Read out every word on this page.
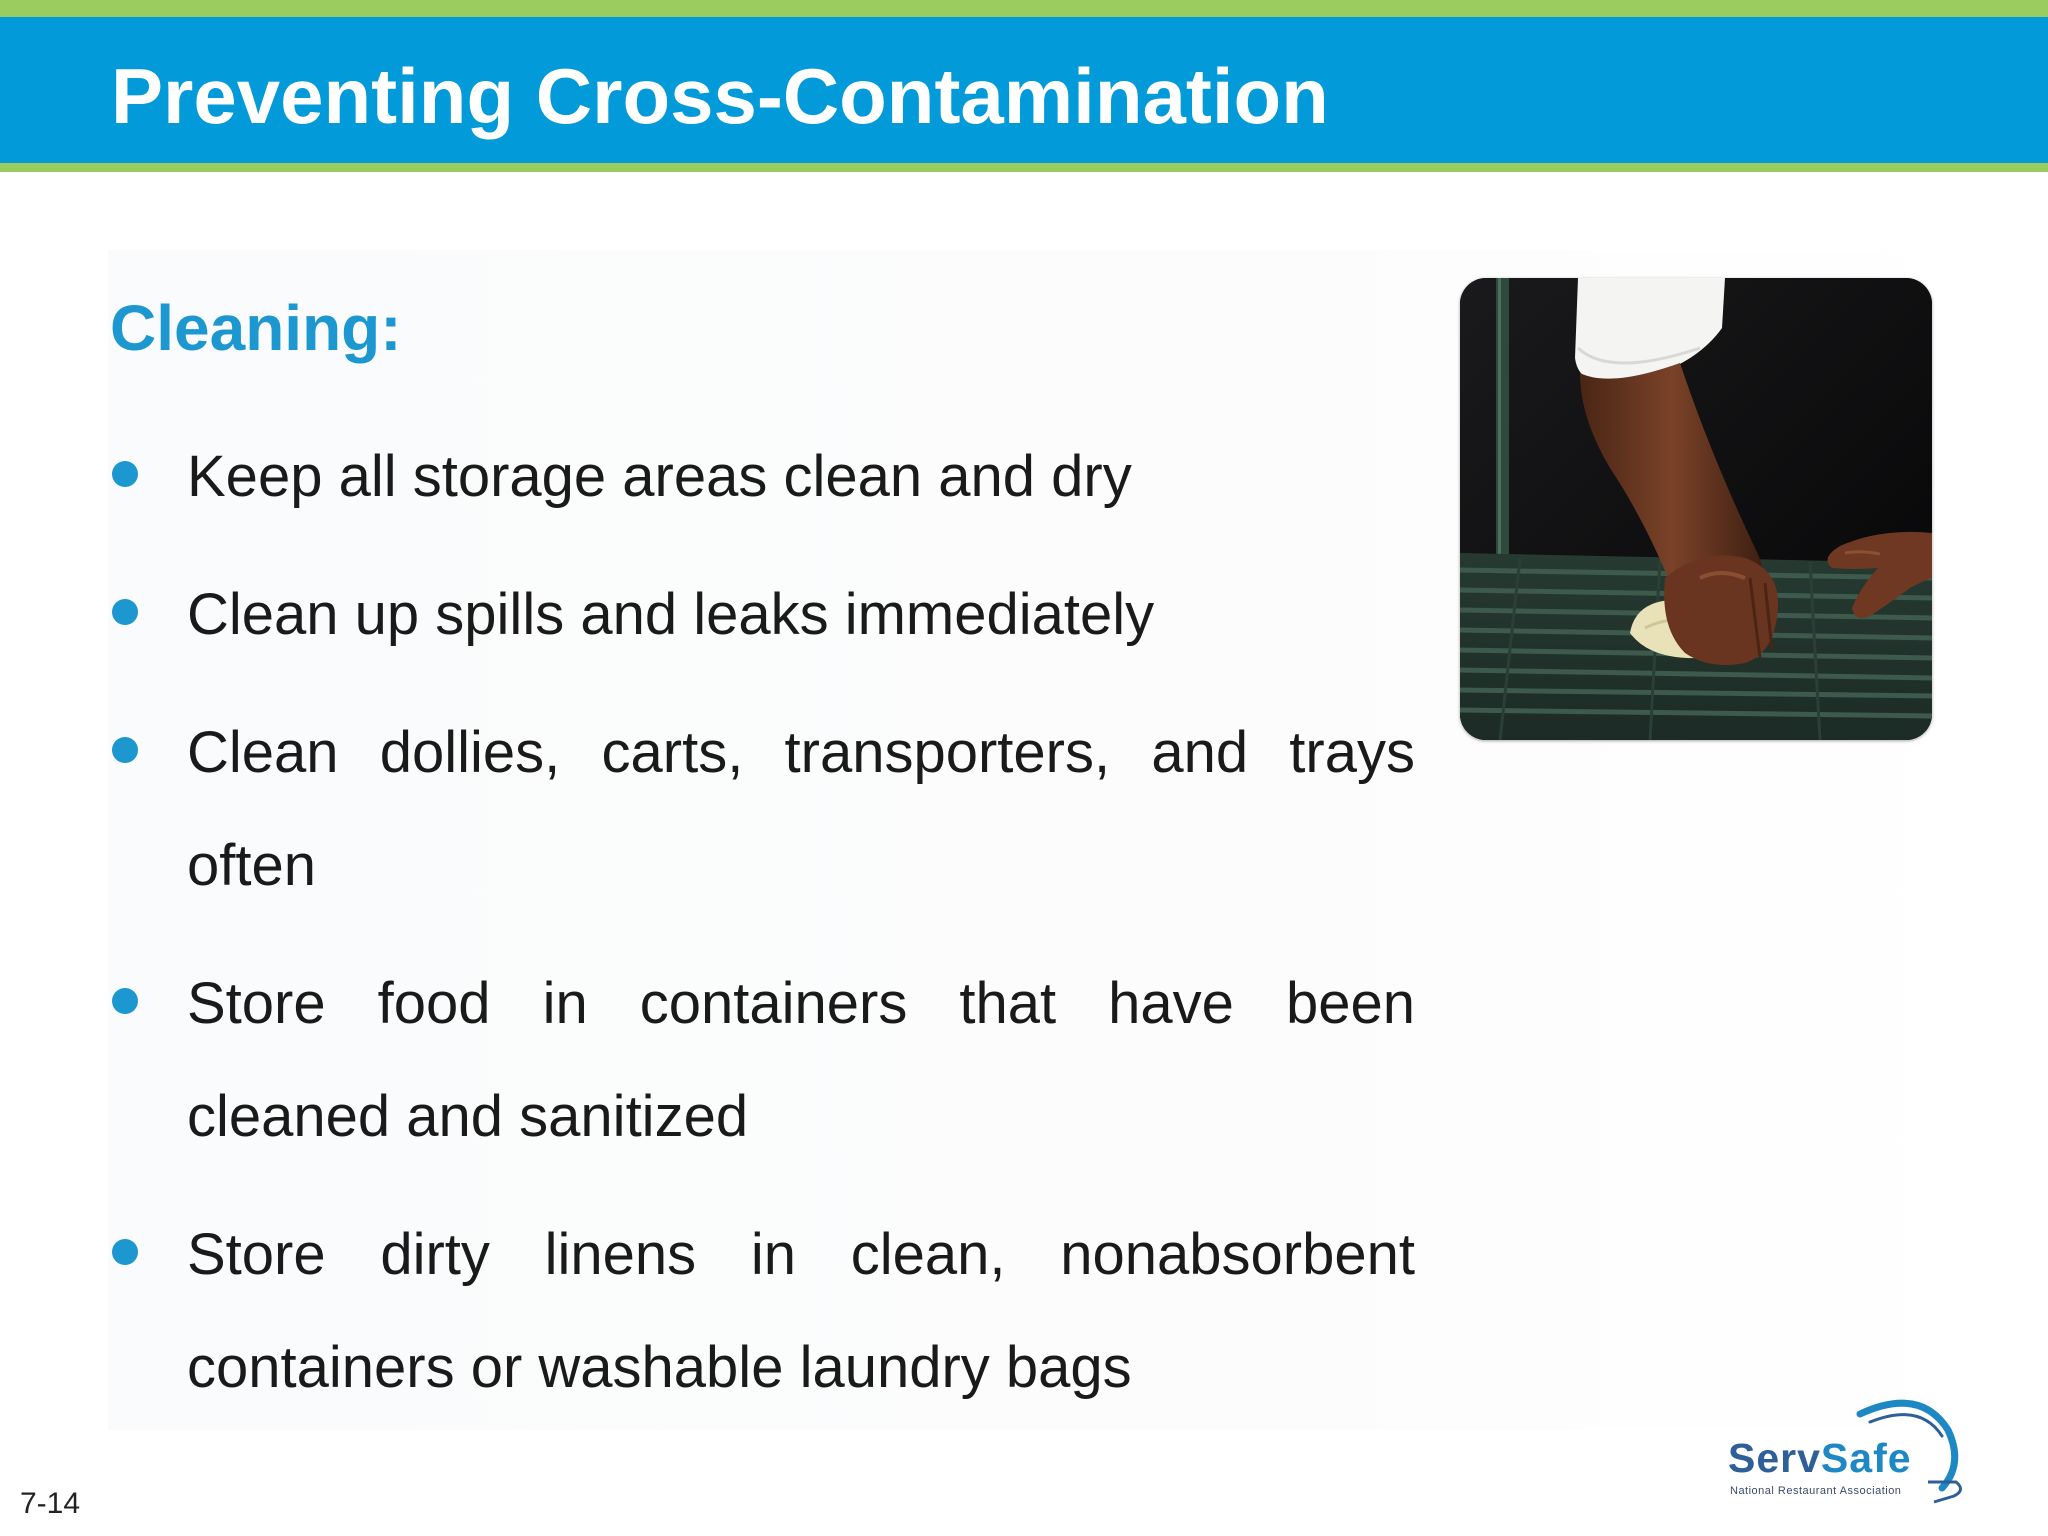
Preventing Cross-Contamination
Cleaning:
Keep all storage areas clean and dry
Clean up spills and leaks immediately
Clean dollies, carts, transporters, and trays often
Store food in containers that have been cleaned and sanitized
Store dirty linens in clean, nonabsorbent containers or washable laundry bags
ServSafe
National Restaurant Association
7-14
